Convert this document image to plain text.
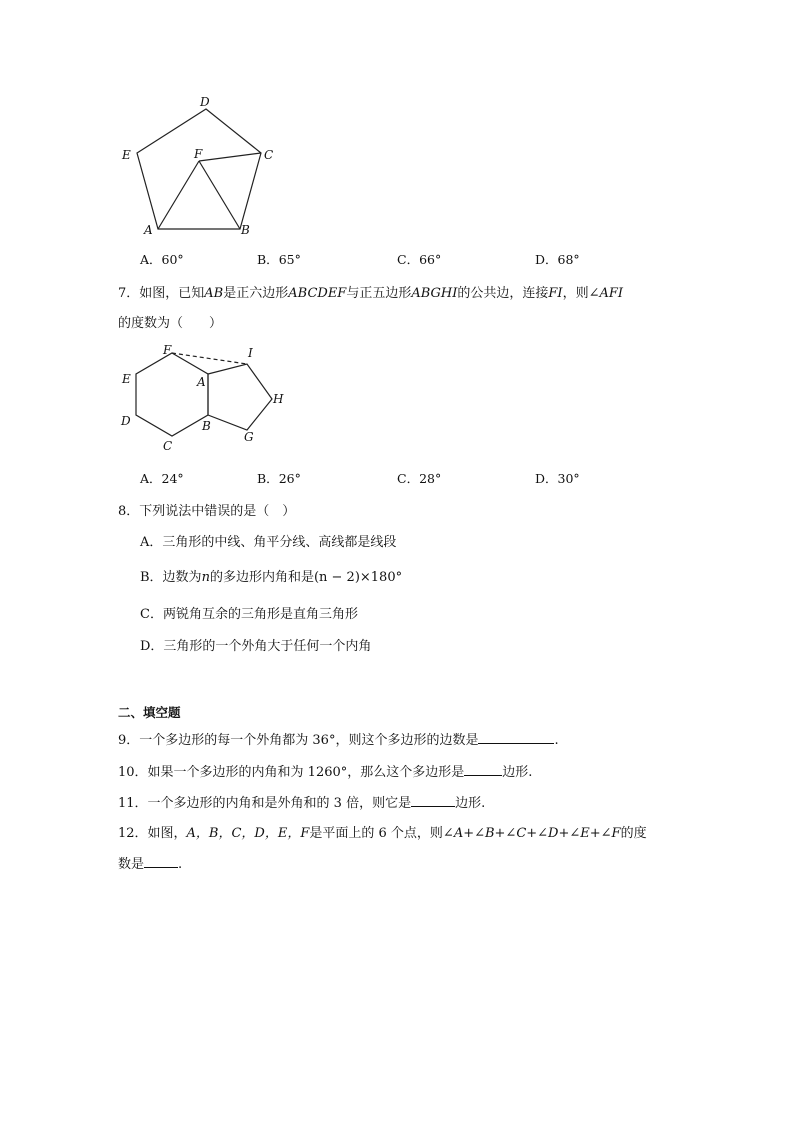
D
E	F	C
A	B
A．60°	B．65°	C．66°	D．68°
7．如图，已知AB是正六边形ABCDEF与正五边形ABGHI的公共边，连接FI，则∠AFI
的度数为（　　）
F	I
E	A
H
D	B
G
C
A．24°	B．26°	C．28°	D．30°
8．下列说法中错误的是（　）
A．三角形的中线、角平分线、高线都是线段
B．边数为n的多边形内角和是(n − 2)×180°
C．两锐角互余的三角形是直角三角形
D．三角形的一个外角大于任何一个内角
二、填空题
9．一个多边形的每一个外角都为 36°，则这个多边形的边数是	.
10．如果一个多边形的内角和为 1260°，那么这个多边形是	边形.
11．一个多边形的内角和是外角和的 3 倍，则它是	边形.
12．如图，A，B，C，D，E，F是平面上的 6 个点，则∠A+∠B+∠C+∠D+∠E+∠F的度
数是	.
